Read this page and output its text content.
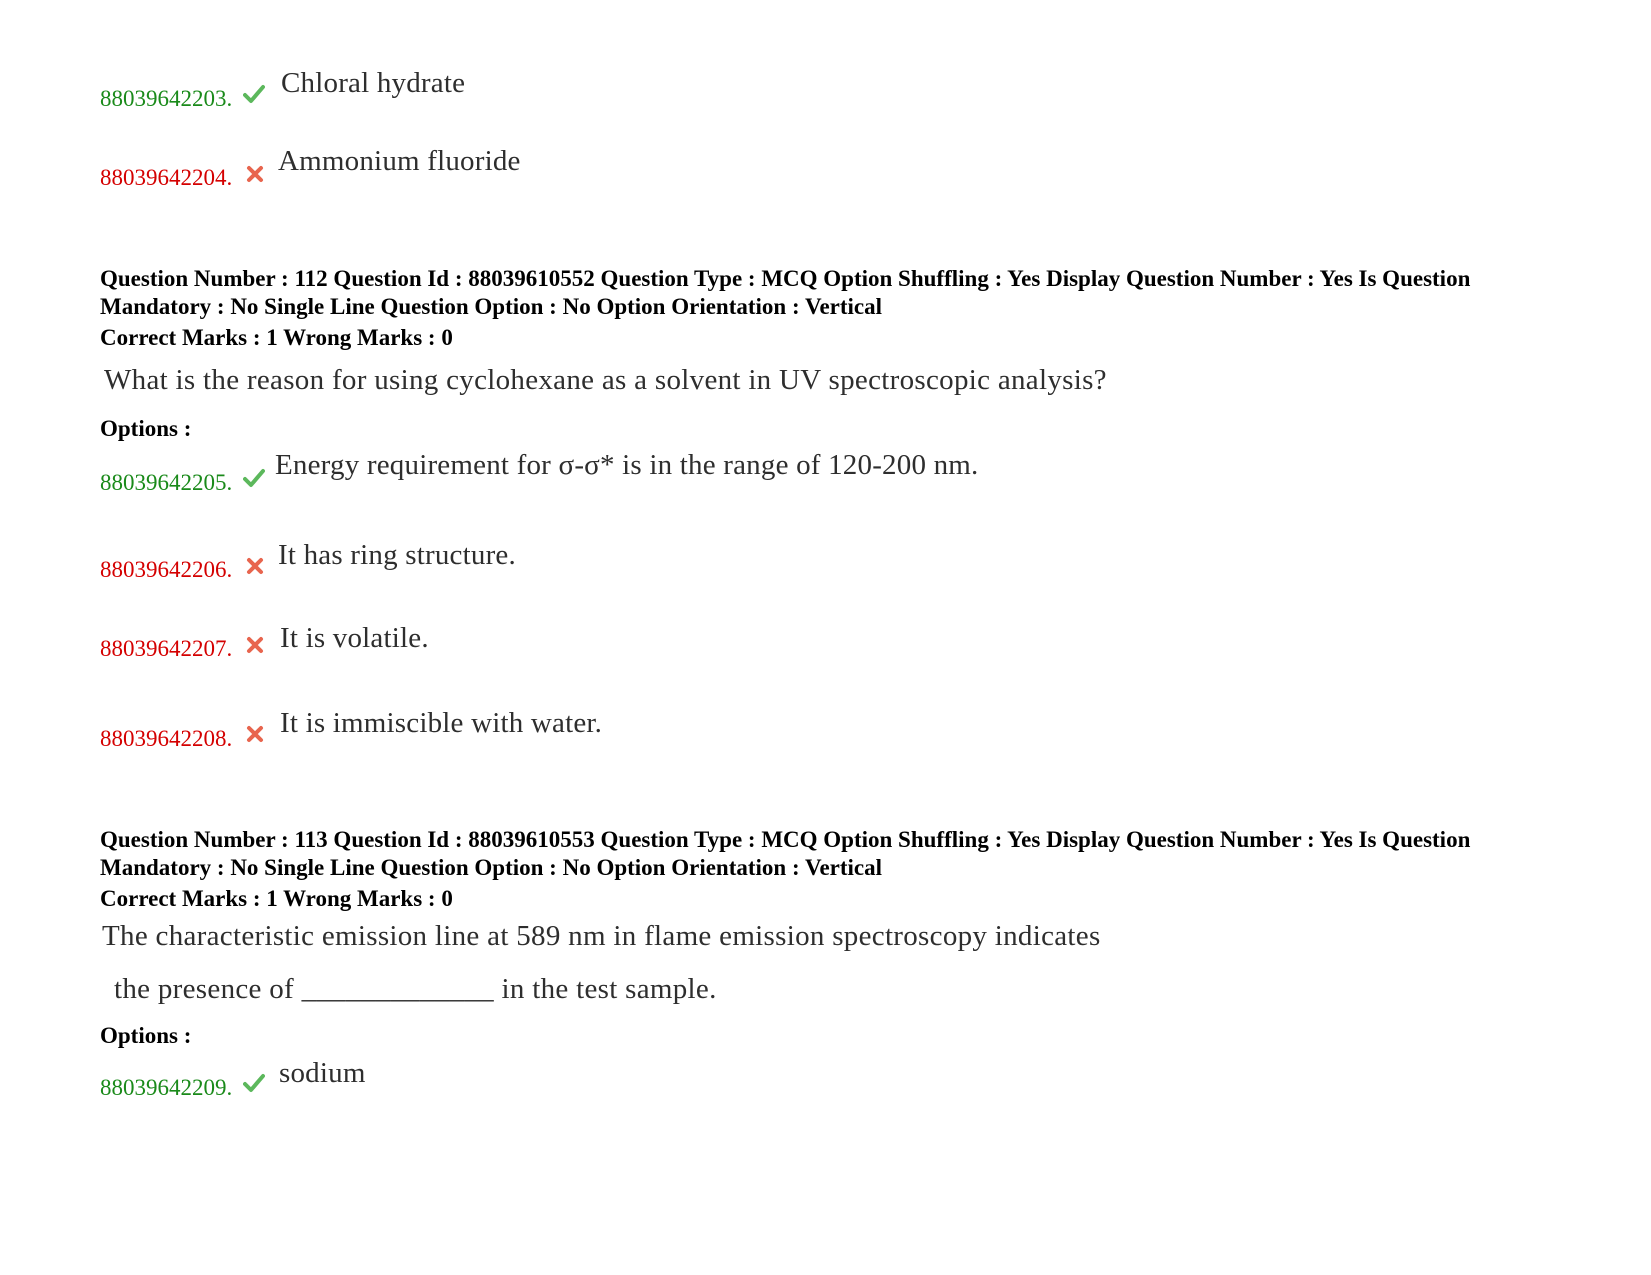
88039642203. Chloral hydrate
88039642204.
Ammonium fluoride
Question Number : 112 Question Id : 88039610552 Question Type : MCQ Option Shuffling : Yes Display Question Number : Yes Is Question Mandatory : No Single Line Question Option : No Option Orientation : Vertical
Correct Marks : 1 Wrong Marks : 0
What is the reason for using cyclohexane as a solvent in UV spectroscopic analysis?
Options :
88039642205.
Energy requirement for σ-σ* is in the range of 120-200 nm.
88039642206. It has ring structure.
88039642207. It is volatile.
88039642208. It is immiscible with water.
Question Number : 113 Question Id : 88039610553 Question Type : MCQ Option Shuffling : Yes Display Question Number : Yes Is Question Mandatory : No Single Line Question Option : No Option Orientation : Vertical
Correct Marks : 1 Wrong Marks : 0
The characteristic emission line at 589 nm in flame emission spectroscopy indicates
the presence of _____________ in the test sample.
Options :
88039642209. sodium
